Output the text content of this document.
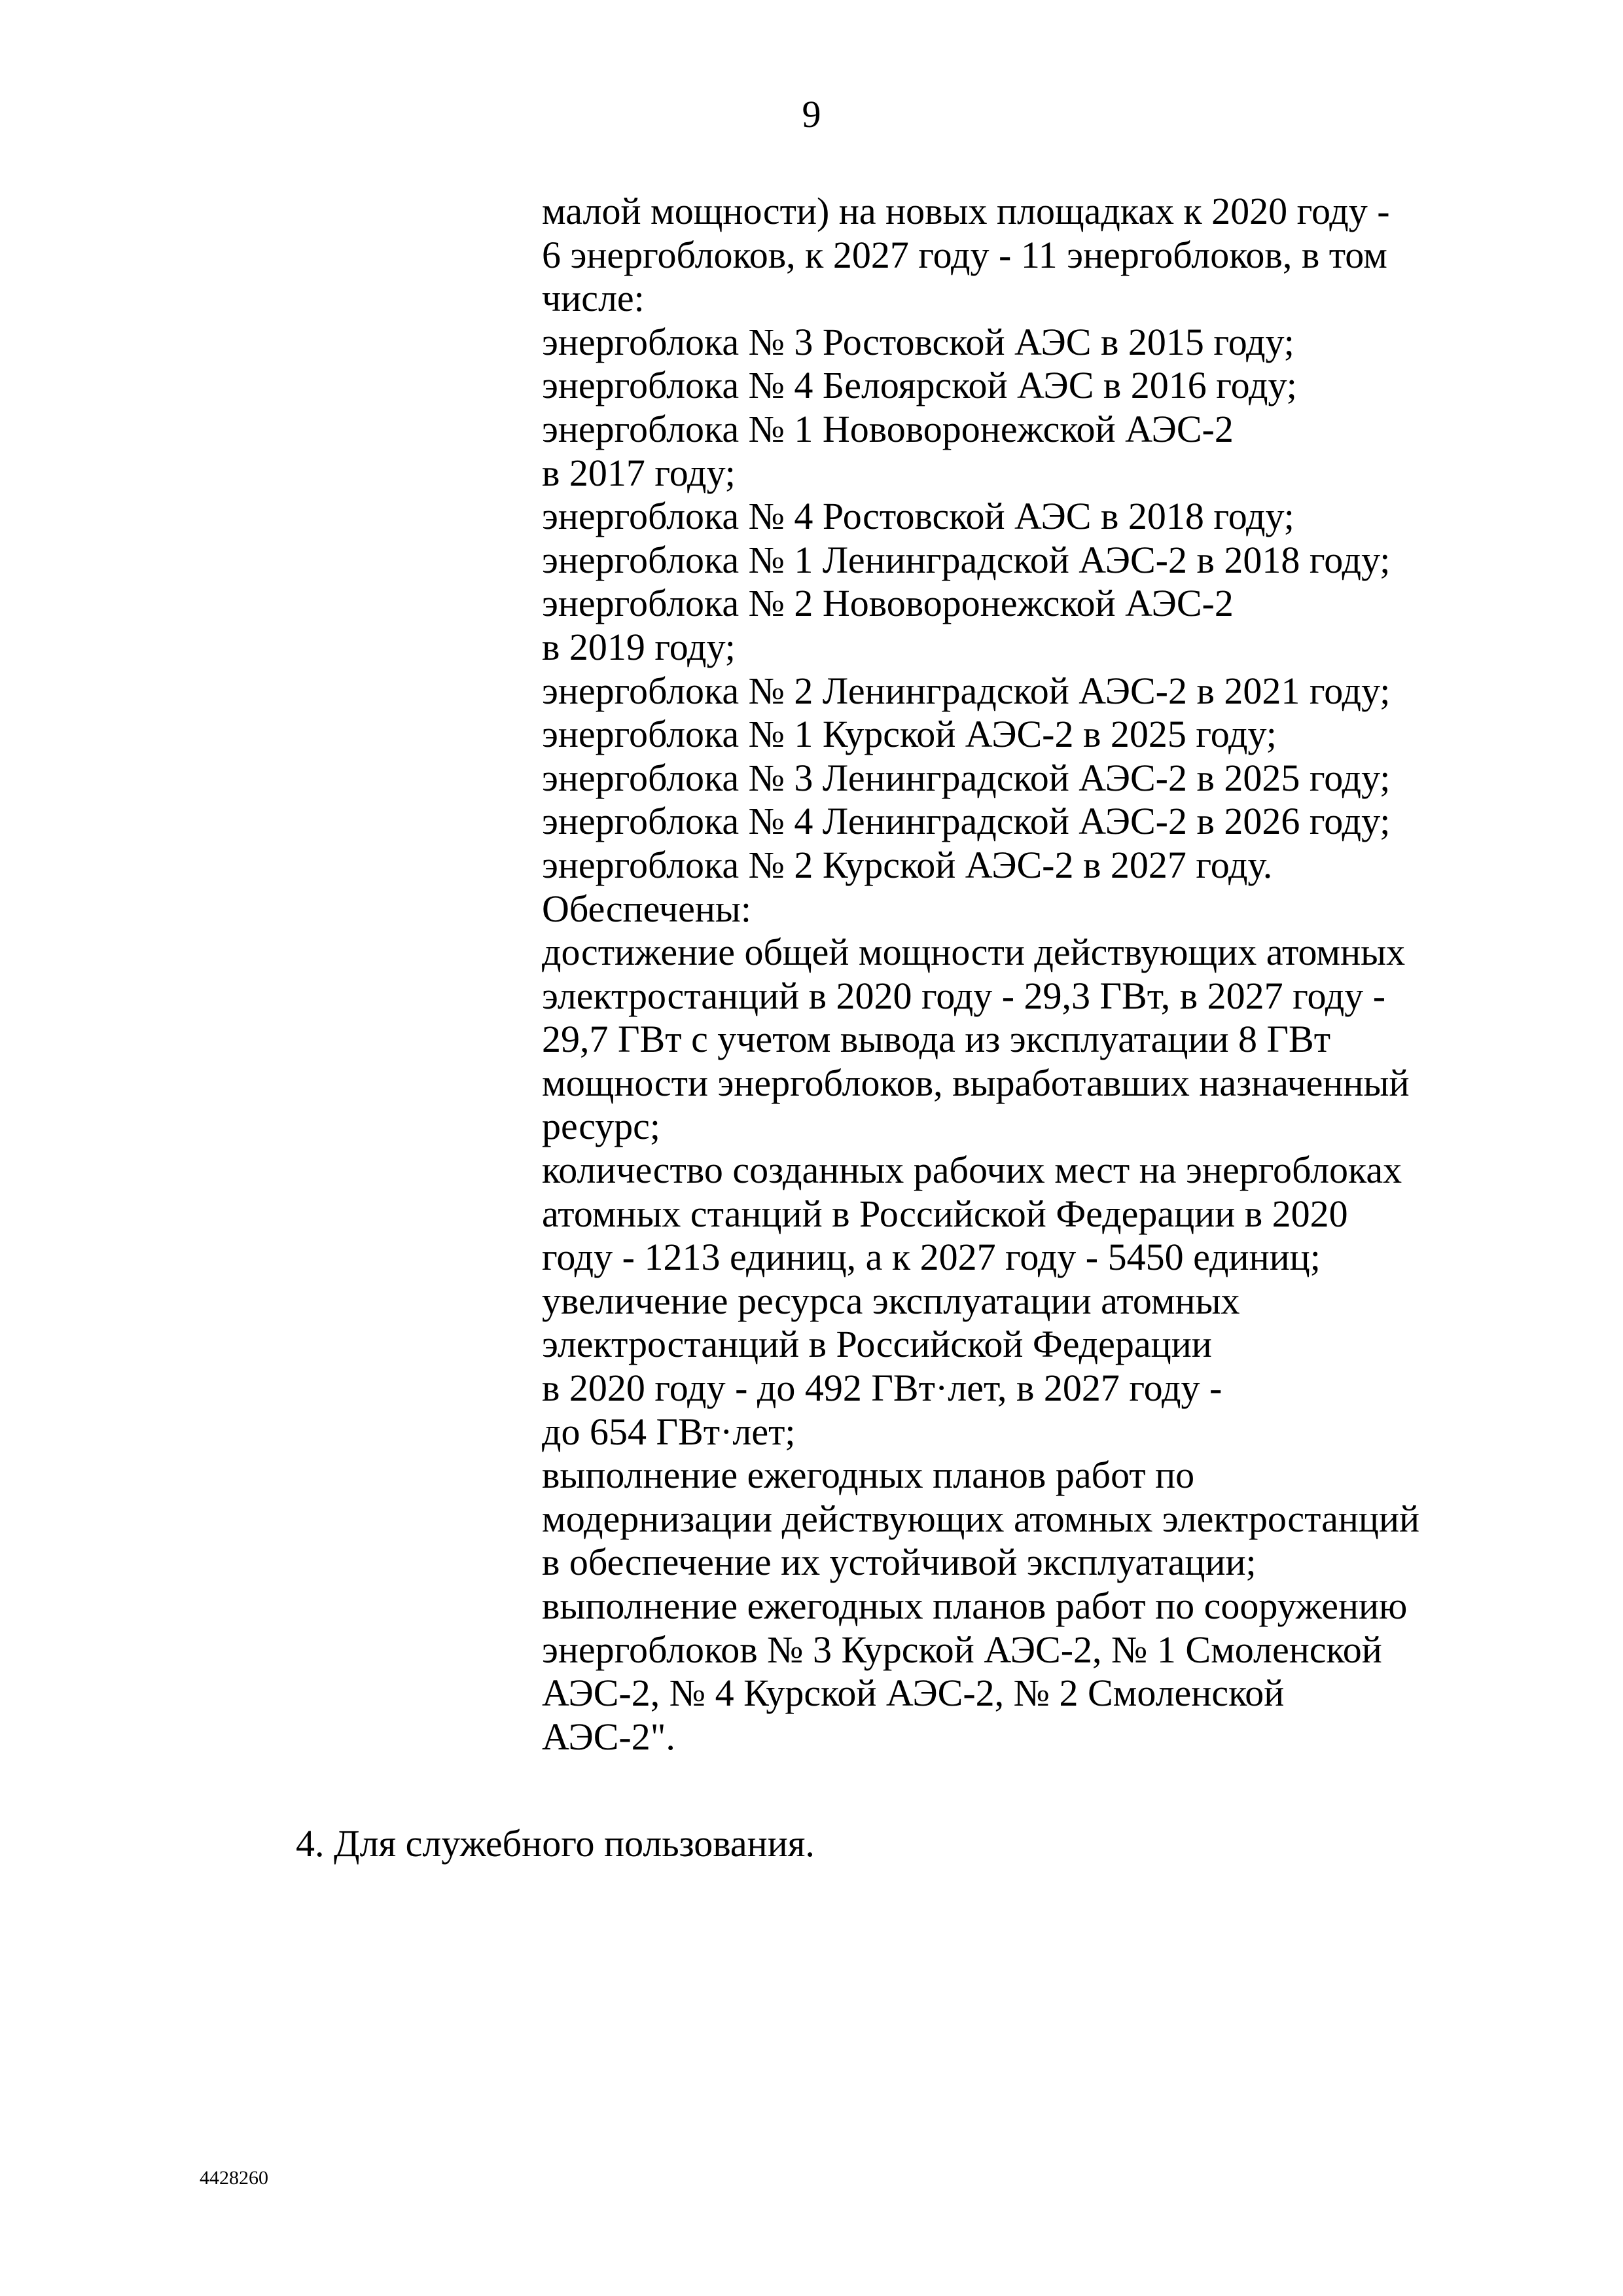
9
малой мощности) на новых площадках к 2020 году -
6 энергоблоков, к 2027 году - 11 энергоблоков, в том
числе:
энергоблока № 3 Ростовской АЭС в 2015 году;
энергоблока № 4 Белоярской АЭС в 2016 году;
энергоблока № 1 Нововоронежской АЭС-2
в 2017 году;
энергоблока № 4 Ростовской АЭС в 2018 году;
энергоблока № 1 Ленинградской АЭС-2 в 2018 году;
энергоблока № 2 Нововоронежской АЭС-2
в 2019 году;
энергоблока № 2 Ленинградской АЭС-2 в 2021 году;
энергоблока № 1 Курской АЭС-2 в 2025 году;
энергоблока № 3 Ленинградской АЭС-2 в 2025 году;
энергоблока № 4 Ленинградской АЭС-2 в 2026 году;
энергоблока № 2 Курской АЭС-2 в 2027 году.
Обеспечены:
достижение общей мощности действующих атомных
электростанций в 2020 году - 29,3 ГВт, в 2027 году -
29,7 ГВт с учетом вывода из эксплуатации 8 ГВт
мощности энергоблоков, выработавших назначенный
ресурс;
количество созданных рабочих мест на энергоблоках
атомных станций в Российской Федерации в 2020
году - 1213 единиц, а к 2027 году - 5450 единиц;
увеличение ресурса эксплуатации атомных
электростанций в Российской Федерации
в 2020 году - до 492 ГВт·лет, в 2027 году -
до 654 ГВт·лет;
выполнение ежегодных планов работ по
модернизации действующих атомных электростанций
в обеспечение их устойчивой эксплуатации;
выполнение ежегодных планов работ по сооружению
энергоблоков № 3 Курской АЭС-2, № 1 Смоленской
АЭС-2, № 4 Курской АЭС-2, № 2 Смоленской
АЭС-2".
4. Для служебного пользования.
4428260
